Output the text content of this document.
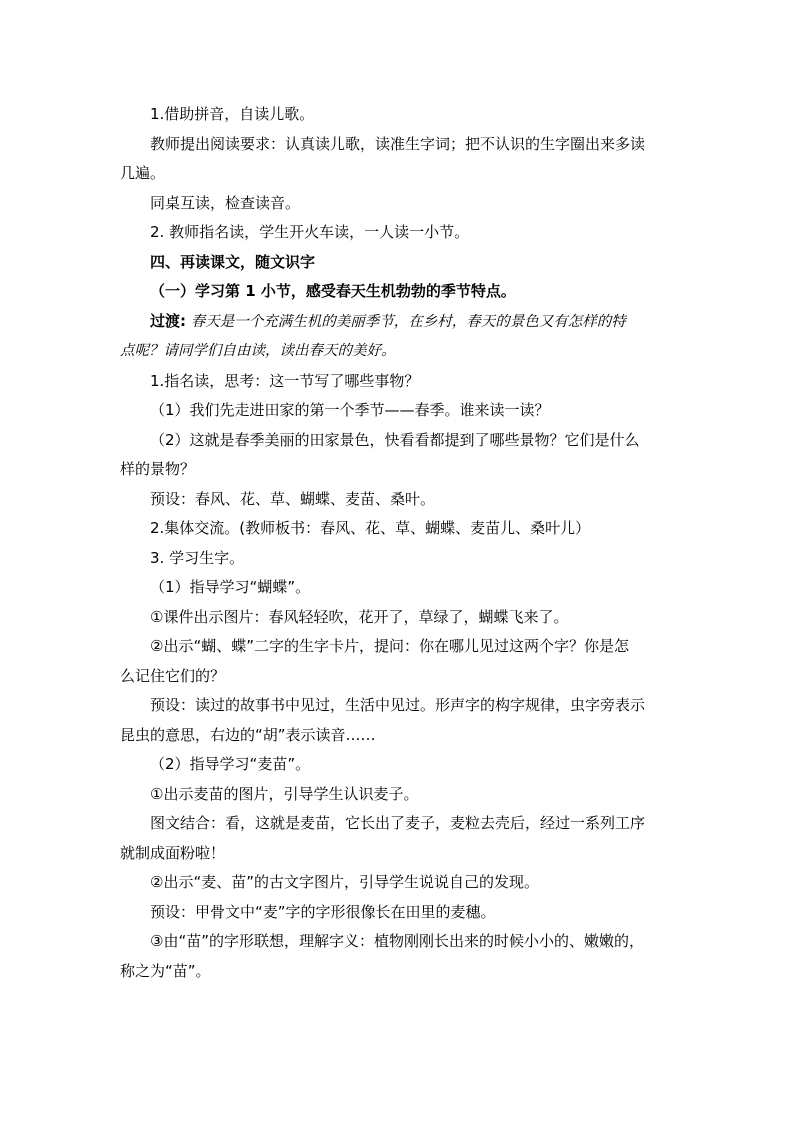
1.借助拼音，自读儿歌。

教师提出阅读要求：认真读儿歌，读准生字词；把不认识的生字圈出来多读

几遍。

同桌互读，检查读音。

2. 教师指名读，学生开火车读，一人读一小节。

四、再读课文，随文识字

（一）学习第 1 小节，感受春天生机勃勃的季节特点。

过渡: 春天是一个充满生机的美丽季节，在乡村，春天的景色又有怎样的特

点呢？请同学们自由读，读出春天的美好。

1.指名读，思考：这一节写了哪些事物？

（1）我们先走进田家的第一个季节——春季。谁来读一读？

（2）这就是春季美丽的田家景色，快看看都提到了哪些景物？它们是什么

样的景物？

预设：春风、花、草、蝴蝶、麦苗、桑叶。

2.集体交流。(教师板书：春风、花、草、蝴蝶、麦苗儿、桑叶儿）

3. 学习生字。

（1）指导学习“蝴蝶”。

①课件出示图片：春风轻轻吹，花开了，草绿了，蝴蝶飞来了。

②出示“蝴、蝶”二字的生字卡片，提问：你在哪儿见过这两个字？你是怎

么记住它们的？

预设：读过的故事书中见过，生活中见过。形声字的构字规律，虫字旁表示

昆虫的意思，右边的“胡”表示读音……

（2）指导学习“麦苗”。

①出示麦苗的图片，引导学生认识麦子。

图文结合：看，这就是麦苗，它长出了麦子，麦粒去壳后，经过一系列工序

就制成面粉啦！

②出示“麦、苗”的古文字图片，引导学生说说自己的发现。

预设：甲骨文中“麦”字的字形很像长在田里的麦穗。

③由“苗”的字形联想，理解字义：植物刚刚长出来的时候小小的、嫩嫩的，

称之为“苗”。
